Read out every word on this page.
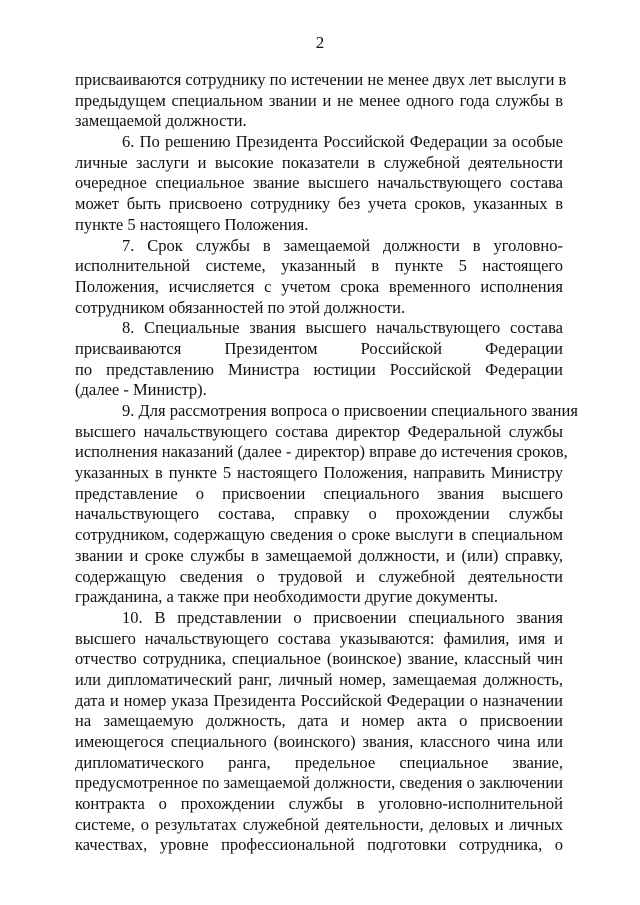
2
присваиваются сотруднику по истечении не менее двух лет выслуги в
предыдущем специальном звании и не менее одного года службы в
замещаемой должности.
6. По решению Президента Российской Федерации за особые
личные заслуги и высокие показатели в служебной деятельности
очередное специальное звание высшего начальствующего состава
может быть присвоено сотруднику без учета сроков, указанных в
пункте 5 настоящего Положения.
7. Срок службы в замещаемой должности в уголовно-
исполнительной системе, указанный в пункте 5 настоящего
Положения, исчисляется с учетом срока временного исполнения
сотрудником обязанностей по этой должности.
8. Специальные звания высшего начальствующего состава
присваиваются Президентом Российской Федерации
по представлению Министра юстиции Российской Федерации
(далее - Министр).
9. Для рассмотрения вопроса о присвоении специального звания
высшего начальствующего состава директор Федеральной службы
исполнения наказаний (далее - директор) вправе до истечения сроков,
указанных в пункте 5 настоящего Положения, направить Министру
представление о присвоении специального звания высшего
начальствующего состава, справку о прохождении службы
сотрудником, содержащую сведения о сроке выслуги в специальном
звании и сроке службы в замещаемой должности, и (или) справку,
содержащую сведения о трудовой и служебной деятельности
гражданина, а также при необходимости другие документы.
10. В представлении о присвоении специального звания
высшего начальствующего состава указываются: фамилия, имя и
отчество сотрудника, специальное (воинское) звание, классный чин
или дипломатический ранг, личный номер, замещаемая должность,
дата и номер указа Президента Российской Федерации о назначении
на замещаемую должность, дата и номер акта о присвоении
имеющегося специального (воинского) звания, классного чина или
дипломатического ранга, предельное специальное звание,
предусмотренное по замещаемой должности, сведения о заключении
контракта о прохождении службы в уголовно-исполнительной
системе, о результатах служебной деятельности, деловых и личных
качествах, уровне профессиональной подготовки сотрудника, о
